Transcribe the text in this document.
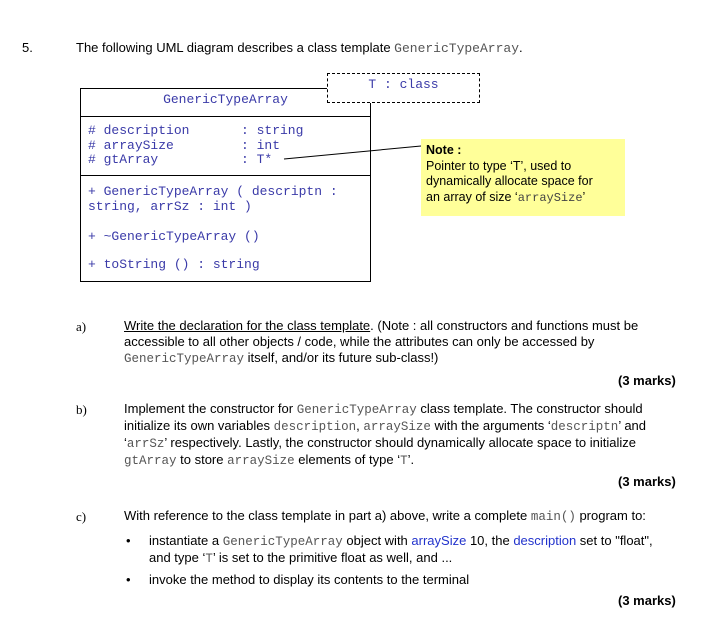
5.	The following UML diagram describes a class template GenericTypeArray.
GenericTypeArray
# description	: string
# arraySize	: int
# gtArray	: T*
+ GenericTypeArray ( descriptn :
string, arrSz : int )
+ ~GenericTypeArray ()
+ toString () : string
T : class
Note :
Pointer to type ‘T’, used to
dynamically allocate space for
an array of size ‘arraySize’
a)	Write the declaration for the class template. (Note : all constructors and functions must be
accessible to all other objects / code, while the attributes can only be accessed by
GenericTypeArray itself, and/or its future sub-class!)
(3 marks)
b)	Implement the constructor for GenericTypeArray class template. The constructor should
initialize its own variables description, arraySize with the arguments ‘descriptn’ and
‘arrSz’ respectively. Lastly, the constructor should dynamically allocate space to initialize
gtArray to store arraySize elements of type ‘T’.
(3 marks)
c)	With reference to the class template in part a) above, write a complete main() program to:
• instantiate a GenericTypeArray object with arraySize 10, the description set to "float",
and type ‘T’ is set to the primitive float as well, and ...
• invoke the method to display its contents to the terminal
(3 marks)
